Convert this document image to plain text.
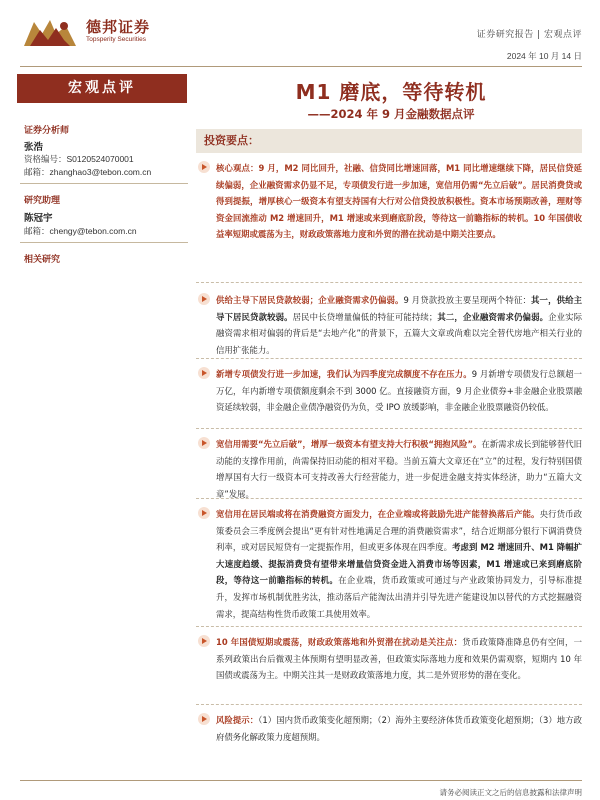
德邦证券
Topsperity Securities	证券研究报告 | 宏观点评
2024 年 10 月 14 日
宏观点评
证券分析师
张浩
资格编号：S0120524070001
邮箱：zhanghao3@tebon.com.cn
研究助理
陈冠宇
邮箱：chengy@tebon.com.cn
相关研究
M1 磨底，等待转机
——2024 年 9 月金融数据点评
投资要点：
核心观点：9 月，M2 同比回升，社融、信贷同比增速回落，M1 同比增速继续下降，居民信贷延续偏弱，企业融资需求仍显不足，专项债发行进一步加速，宽信用仍需“先立后破”。居民消费贷或得到提振，增厚核心一级资本有望支持国有大行对公信贷投放积极性。资本市场预期改善，理财等资金回流推动 M2 增速回升，M1 增速或来到磨底阶段，等待这一前瞻指标的转机。10 年国债收益率短期或震荡为主，财政政策落地力度和外贸的潜在扰动是中期关注要点。
供给主导下居民贷款较弱；企业融资需求仍偏弱。9 月贷款投放主要呈现两个特征：其一，供给主导下居民贷款较弱。居民中长贷增量偏低的特征可能持续；其二，企业融资需求仍偏弱。企业实际融资需求相对偏弱的背后是“去地产化”的背景下，五篇大文章或尚难以完全替代房地产相关行业的信用扩张能力。
新增专项债发行进一步加速，我们认为四季度完成额度不存在压力。9 月新增专项债发行总额超一万亿，年内新增专项债额度剩余不到 3000 亿。直接融资方面，9 月企业债券+非金融企业股票融资延续较弱，非金融企业债净融资仍为负，受 IPO 放缓影响，非金融企业股票融资仍较低。
宽信用需要“先立后破”，增厚一级资本有望支持大行积极“拥抱风险”。在新需求成长到能够替代旧动能的支撑作用前，尚需保持旧动能的相对平稳。当前五篇大文章还在“立”的过程，发行特别国债增厚国有大行一级资本可支持改善大行经营能力，进一步促进金融支持实体经济，助力“五篇大文章”发展。
宽信用在居民端或将在消费融资方面发力，在企业端或将鼓励先进产能替换落后产能。央行货币政策委员会三季度例会提出“更有针对性地满足合理的消费融资需求”，结合近期部分银行下调消费贷利率，或对居民短贷有一定提振作用，但或更多体现在四季度。考虑到 M2 增速回升、M1 降幅扩大速度趋缓、提振消费贷有望带来增量信贷资金进入消费市场等因素，M1 增速或已来到磨底阶段，等待这一前瞻指标的转机。在企业端，货币政策或可通过与产业政策协同发力，引导标准提升，发挥市场机制优胜劣汰，推动落后产能淘汰出清并引导先进产能建设加以替代的方式挖掘融资需求，提高结构性货币政策工具使用效率。
10 年国债短期或震荡，财政政策落地和外贸潜在扰动是关注点：货币政策降准降息仍有空间，一系列政策出台后微观主体预期有望明显改善，但政策实际落地力度和效果仍需观察，短期内 10 年国债或震荡为主。中期关注其一是财政政策落地力度，其二是外贸形势的潜在变化。
风险提示：（1）国内货币政策变化超预期；（2）海外主要经济体货币政策变化超预期；（3）地方政府债务化解政策力度超预期。
请务必阅读正文之后的信息披露和法律声明
